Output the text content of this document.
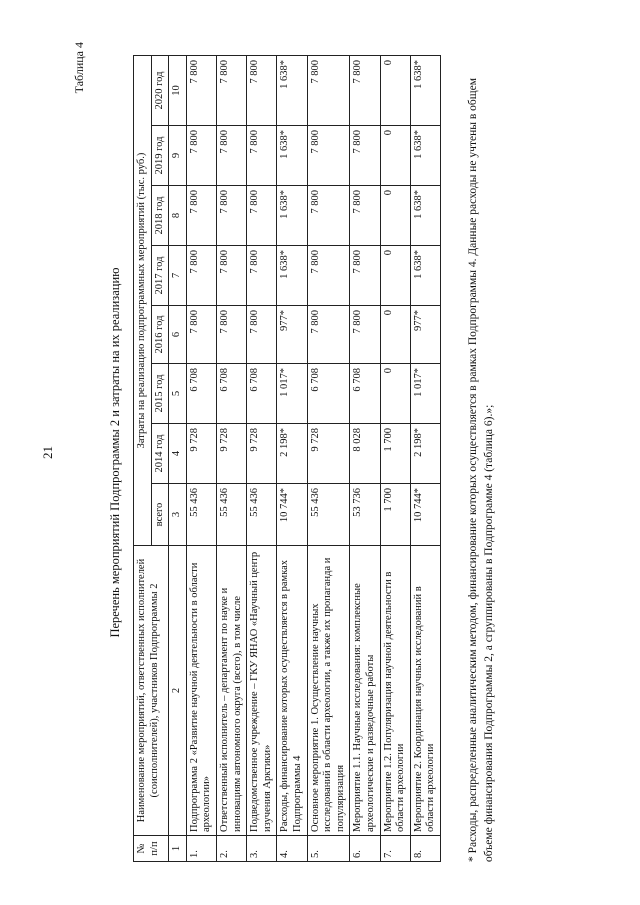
21
Таблица 4
Перечень мероприятий Подпрограммы 2 и затраты на их реализацию
№ п/п	Наименование мероприятий, ответственных исполнителей (соисполнителей), участников Подпрограммы 2	Затраты на реализацию подпрограммных мероприятий (тыс. руб.)							
		всего	2014 год	2015 год	2016 год	2017 год	2018 год	2019 год	2020 год
1	2	3	4	5	6	7	8	9	10
1.	Подпрограмма 2 «Развитие научной деятельности в области археологии»	55 436	9 728	6 708	7 800	7 800	7 800	7 800	7 800
2.	Ответственный исполнитель – департамент по науке и инновациям автономного округа (всего), в том числе	55 436	9 728	6 708	7 800	7 800	7 800	7 800	7 800
3.	Подведомственное учреждение – ГКУ ЯНАО «Научный центр изучения Арктики»	55 436	9 728	6 708	7 800	7 800	7 800	7 800	7 800
4.	Расходы, финансирование которых осуществляется в рамках Подпрограммы 4	10 744*	2 198*	1 017*	977*	1 638*	1 638*	1 638*	1 638*
5.	Основное мероприятие 1. Осуществление научных исследований в области археологии, а также их пропаганда и популяризация	55 436	9 728	6 708	7 800	7 800	7 800	7 800	7 800
6.	Мероприятие 1.1. Научные исследования: комплексные археологические и разведочные работы	53 736	8 028	6 708	7 800	7 800	7 800	7 800	7 800
7.	Мероприятие 1.2. Популяризация научной деятельности в области археологии	1 700	1 700	0	0	0	0	0	0
8.	Мероприятие 2. Координация научных исследований в области археологии	10 744*	2 198*	1 017*	977*	1 638*	1 638*	1 638*	1 638*
* Расходы, распределенные аналитическим методом, финансирование которых осуществляется в рамках Подпрограммы 4. Данные расходы не учтены в общем объеме финансирования Подпрограммы 2, а сгруппированы в Подпрограмме 4 (таблица 6).»;
